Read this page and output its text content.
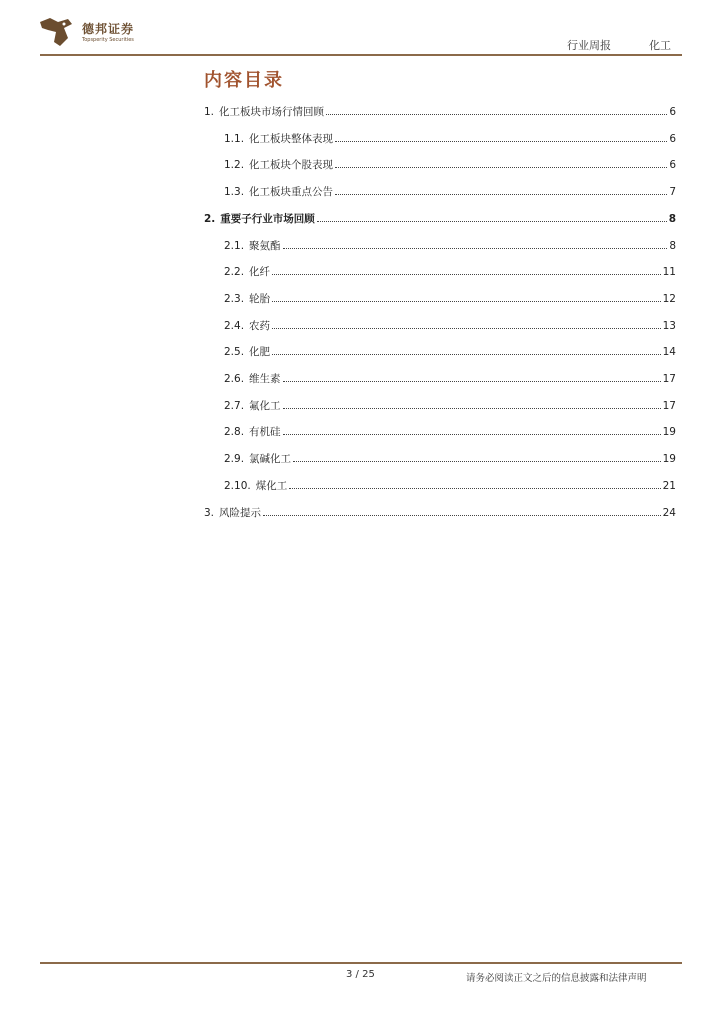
德邦证券
Topsperity Securities	行业周报	化工
内容目录
1. 化工板块市场行情回顾	6
1.1. 化工板块整体表现	6
1.2. 化工板块个股表现	6
1.3. 化工板块重点公告	7
2. 重要子行业市场回顾	8
2.1. 聚氨酯	8
2.2. 化纤	11
2.3. 轮胎	12
2.4. 农药	13
2.5. 化肥	14
2.6. 维生素	17
2.7. 氟化工	17
2.8. 有机硅	19
2.9. 氯碱化工	19
2.10. 煤化工	21
3. 风险提示	24
3 / 25	请务必阅读正文之后的信息披露和法律声明
